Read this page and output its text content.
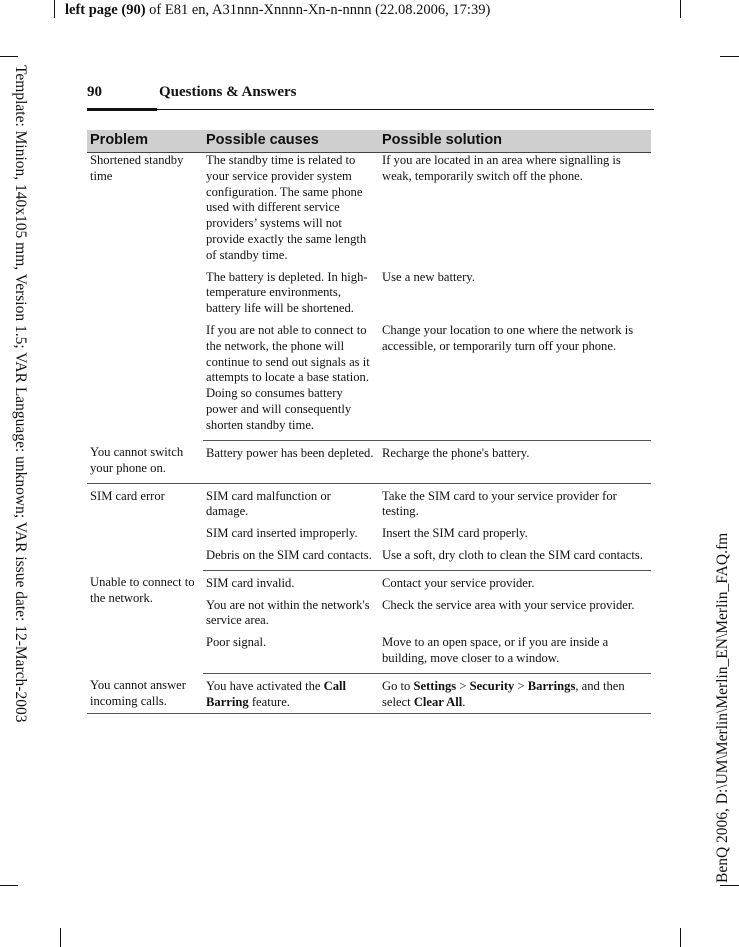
left page (90) of E81 en, A31nnn-Xnnnn-Xn-n-nnnn (22.08.2006, 17:39)
Template: Minion, 140x105 mm, Version 1.5; VAR Language: unknown; VAR issue date: 12-March-2003	BenQ 2006, D:\UM\Merlin\Merlin_EN\Merlin_FAQ.fm
90	Questions & Answers
Problem	Possible causes	Possible solution
Shortened standby time	The standby time is related to your service provider system configuration. The same phone used with different service providers’ systems will not provide exactly the same length of standby time.	If you are located in an area where signalling is weak, temporarily switch off the phone.
	The battery is depleted. In high-temperature environments, battery life will be shortened.	Use a new battery.
	If you are not able to connect to the network, the phone will continue to send out signals as it attempts to locate a base station. Doing so consumes battery power and will consequently shorten standby time.	Change your location to one where the network is accessible, or temporarily turn off your phone.
You cannot switch your phone on.	Battery power has been depleted.	Recharge the phone's battery.
SIM card error	SIM card malfunction or damage.	Take the SIM card to your service provider for testing.
	SIM card inserted improperly.	Insert the SIM card properly.
	Debris on the SIM card contacts.	Use a soft, dry cloth to clean the SIM card contacts.
Unable to connect to the network.	SIM card invalid.	Contact your service provider.
	You are not within the network's service area.	Check the service area with your service provider.
	Poor signal.	Move to an open space, or if you are inside a building, move closer to a window.

You cannot answer incoming calls.	You have activated the Call Barring feature.	Go to Settings > Security > Barrings, and then select Clear All.
